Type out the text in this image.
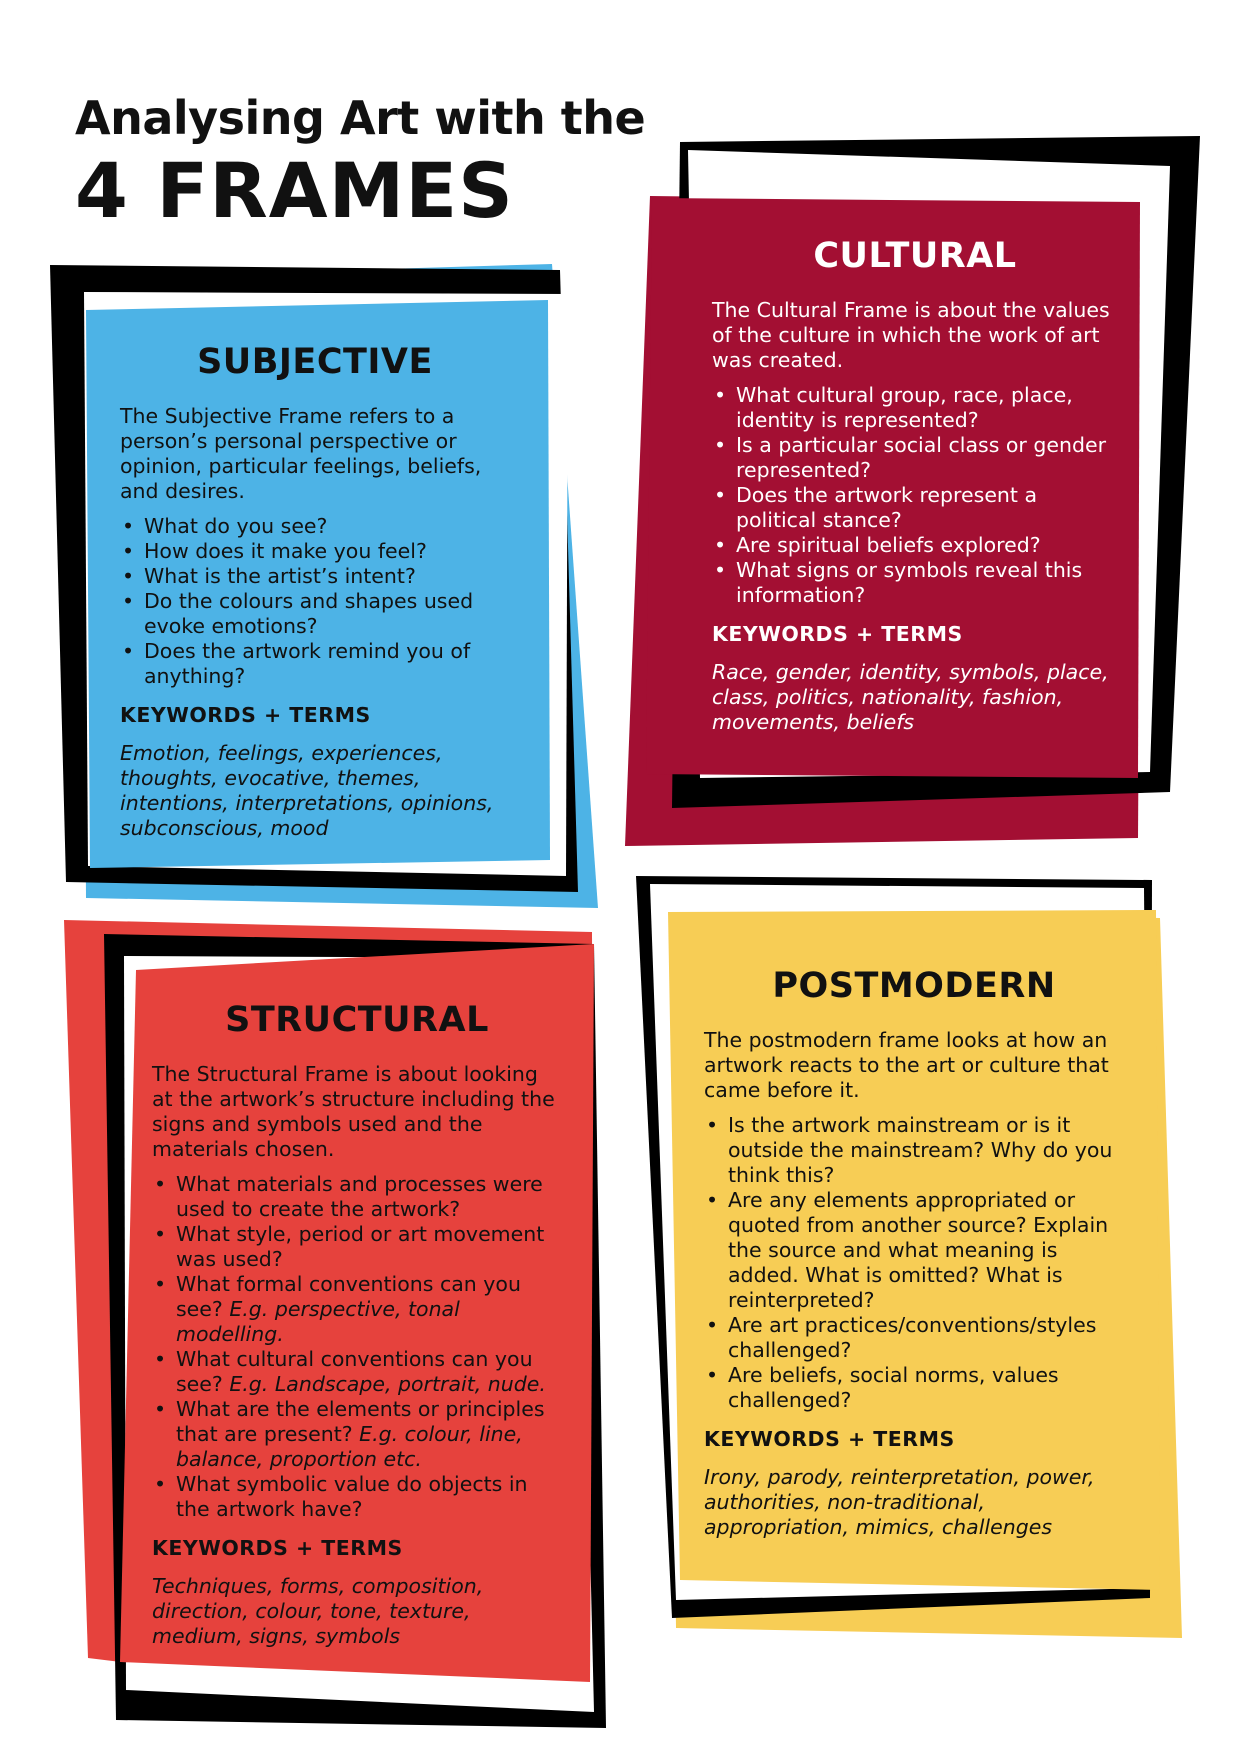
Analysing Art with the
4 FRAMES
SUBJECTIVE

The Subjective Frame refers to a person’s personal perspective or opinion, particular feelings, beliefs, and desires.

• What do you see?
• How does it make you feel?
• What is the artist’s intent?
• Do the colours and shapes used evoke emotions?
• Does the artwork remind you of anything?
KEYWORDS + TERMS

Emotion, feelings, experiences, thoughts, evocative, themes, intentions, interpretations, opinions, subconscious, mood

CULTURAL

The Cultural Frame is about the values of the culture in which the work of art was created.

• What cultural group, race, place, identity is represented?
• Is a particular social class or gender represented?
• Does the artwork represent a political stance?
• Are spiritual beliefs explored?
• What signs or symbols reveal this information?
KEYWORDS + TERMS

Race, gender, identity, symbols, place, class, politics, nationality, fashion, movements, beliefs

STRUCTURAL

The Structural Frame is about looking at the artwork’s structure including the signs and symbols used and the materials chosen.

• What materials and processes were used to create the artwork?
• What style, period or art movement was used?
• What formal conventions can you see? E.g. perspective, tonal modelling.
• What cultural conventions can you see? E.g. Landscape, portrait, nude.
• What are the elements or principles that are present? E.g. colour, line, balance, proportion etc.
• What symbolic value do objects in the artwork have?
KEYWORDS + TERMS

Techniques, forms, composition, direction, colour, tone, texture, medium, signs, symbols

POSTMODERN

The postmodern frame looks at how an artwork reacts to the art or culture that came before it.

• Is the artwork mainstream or is it outside the mainstream? Why do you think this?
• Are any elements appropriated or quoted from another source? Explain the source and what meaning is added. What is omitted? What is reinterpreted?
• Are art practices/conventions/styles challenged?
• Are beliefs, social norms, values challenged?
KEYWORDS + TERMS

Irony, parody, reinterpretation, power, authorities, non-traditional, appropriation, mimics, challenges
